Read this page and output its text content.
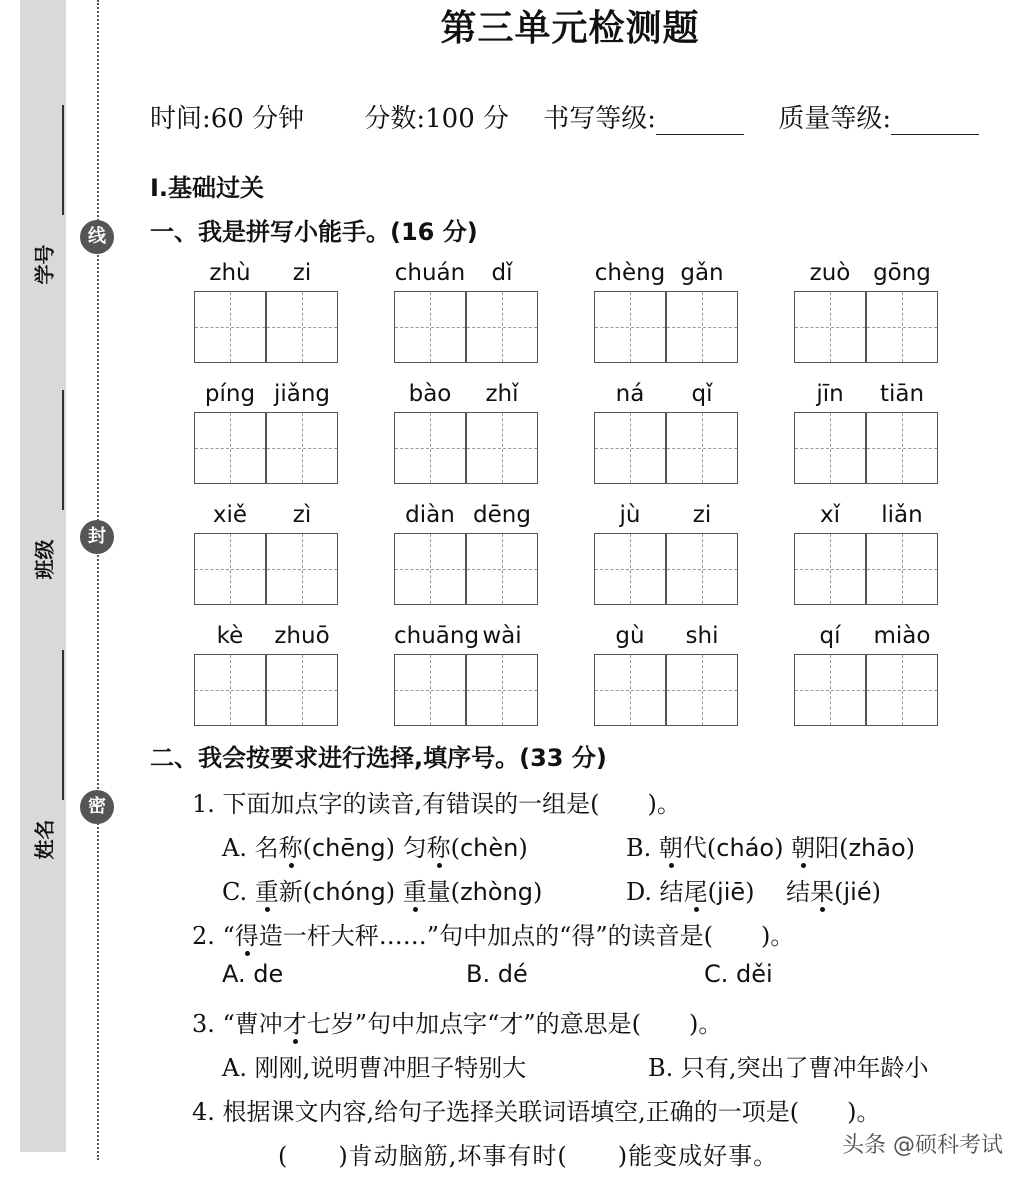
学号
班级
姓名
线
封
密
第三单元检测题
时间:60 分钟 分数:100 分 书写等级:	质量等级:
Ⅰ.基础过关
一、我是拼写小能手。(16 分)
zhù	zi	chuán	dǐ	chèng gǎn	zuò gōng
píng jiǎng	bào	zhǐ	ná	qǐ	jīn	tiān
xiě	zì	diàn dēng	jù	zi	xǐ	liǎn
kè	zhuō	chuāng wài	gù	shi	qí	miào
二、我会按要求进行选择,填序号。(33 分)
1. 下面加点字的读音,有错误的一组是(　　)。
A. 名称(chēng) 匀称(chèn)	B. 朝代(cháo) 朝阳(zhāo)
C. 重新(chóng) 重量(zhòng)	D. 结尾(jiē)　 结果(jié)
2. “得造一杆大秤……”句中加点的“得”的读音是(　　)。
A. de	B. dé	C. děi
3. “曹冲才七岁”句中加点字“才”的意思是(　　)。
A. 刚刚,说明曹冲胆子特别大	B. 只有,突出了曹冲年龄小
4. 根据课文内容,给句子选择关联词语填空,正确的一项是(　　)。
(　　)肯动脑筋,坏事有时(　　)能变成好事。	头条 @硕科考试
